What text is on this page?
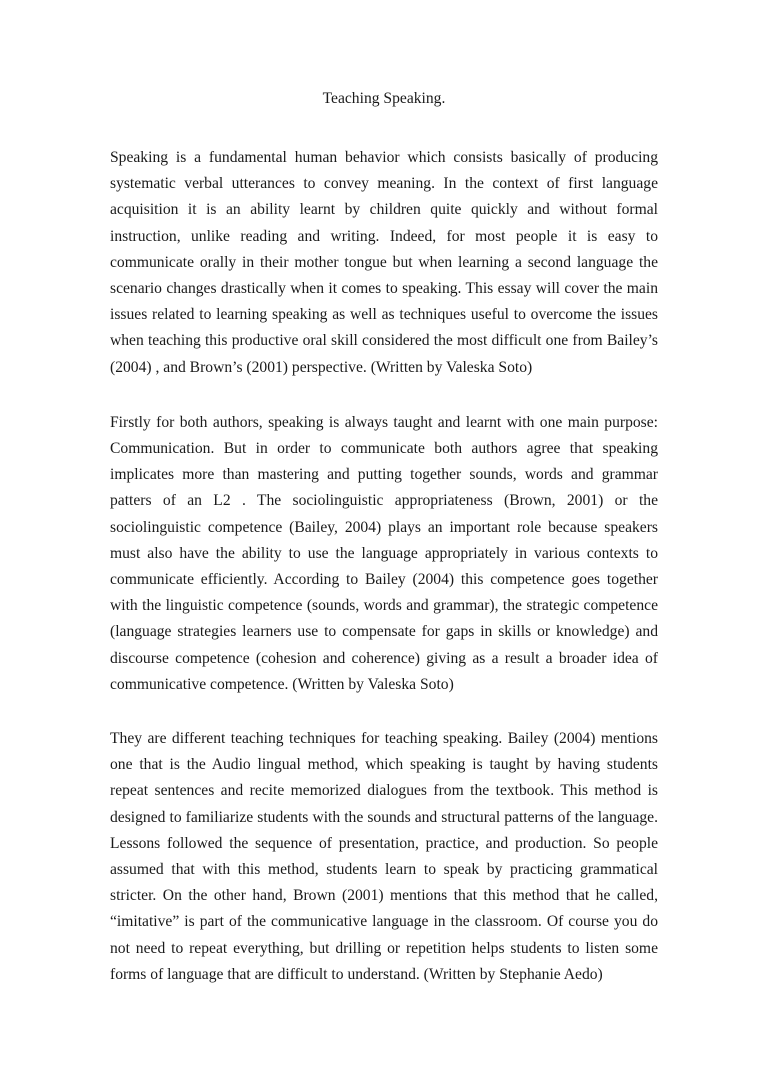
Teaching Speaking.

Speaking is a fundamental human behavior which consists basically of producing systematic verbal utterances to convey meaning. In the context of first language acquisition it is an ability learnt by children quite quickly and without formal instruction, unlike reading and writing. Indeed, for most people it is easy to communicate orally in their mother tongue but when learning a second language the scenario changes drastically when it comes to speaking. This essay will cover the main issues related to learning speaking as well as techniques useful to overcome the issues when teaching this productive oral skill considered the most difficult one from Bailey’s (2004) , and Brown’s (2001) perspective. (Written by Valeska Soto)

Firstly for both authors, speaking is always taught and learnt with one main purpose: Communication. But in order to communicate both authors agree that speaking implicates more than mastering and putting together sounds, words and grammar patters of an L2 . The sociolinguistic appropriateness (Brown, 2001) or the sociolinguistic competence (Bailey, 2004) plays an important role because speakers must also have the ability to use the language appropriately in various contexts to communicate efficiently. According to Bailey (2004) this competence goes together with the linguistic competence (sounds, words and grammar), the strategic competence (language strategies learners use to compensate for gaps in skills or knowledge) and discourse competence (cohesion and coherence) giving as a result a broader idea of communicative competence. (Written by Valeska Soto)

They are different teaching techniques for teaching speaking. Bailey (2004) mentions one that is the Audio lingual method, which speaking is taught by having students repeat sentences and recite memorized dialogues from the textbook. This method is designed to familiarize students with the sounds and structural patterns of the language. Lessons followed the sequence of presentation, practice, and production. So people assumed that with this method, students learn to speak by practicing grammatical stricter. On the other hand, Brown (2001) mentions that this method that he called, “imitative” is part of the communicative language in the classroom. Of course you do not need to repeat everything, but drilling or repetition helps students to listen some forms of language that are difficult to understand. (Written by Stephanie Aedo)
